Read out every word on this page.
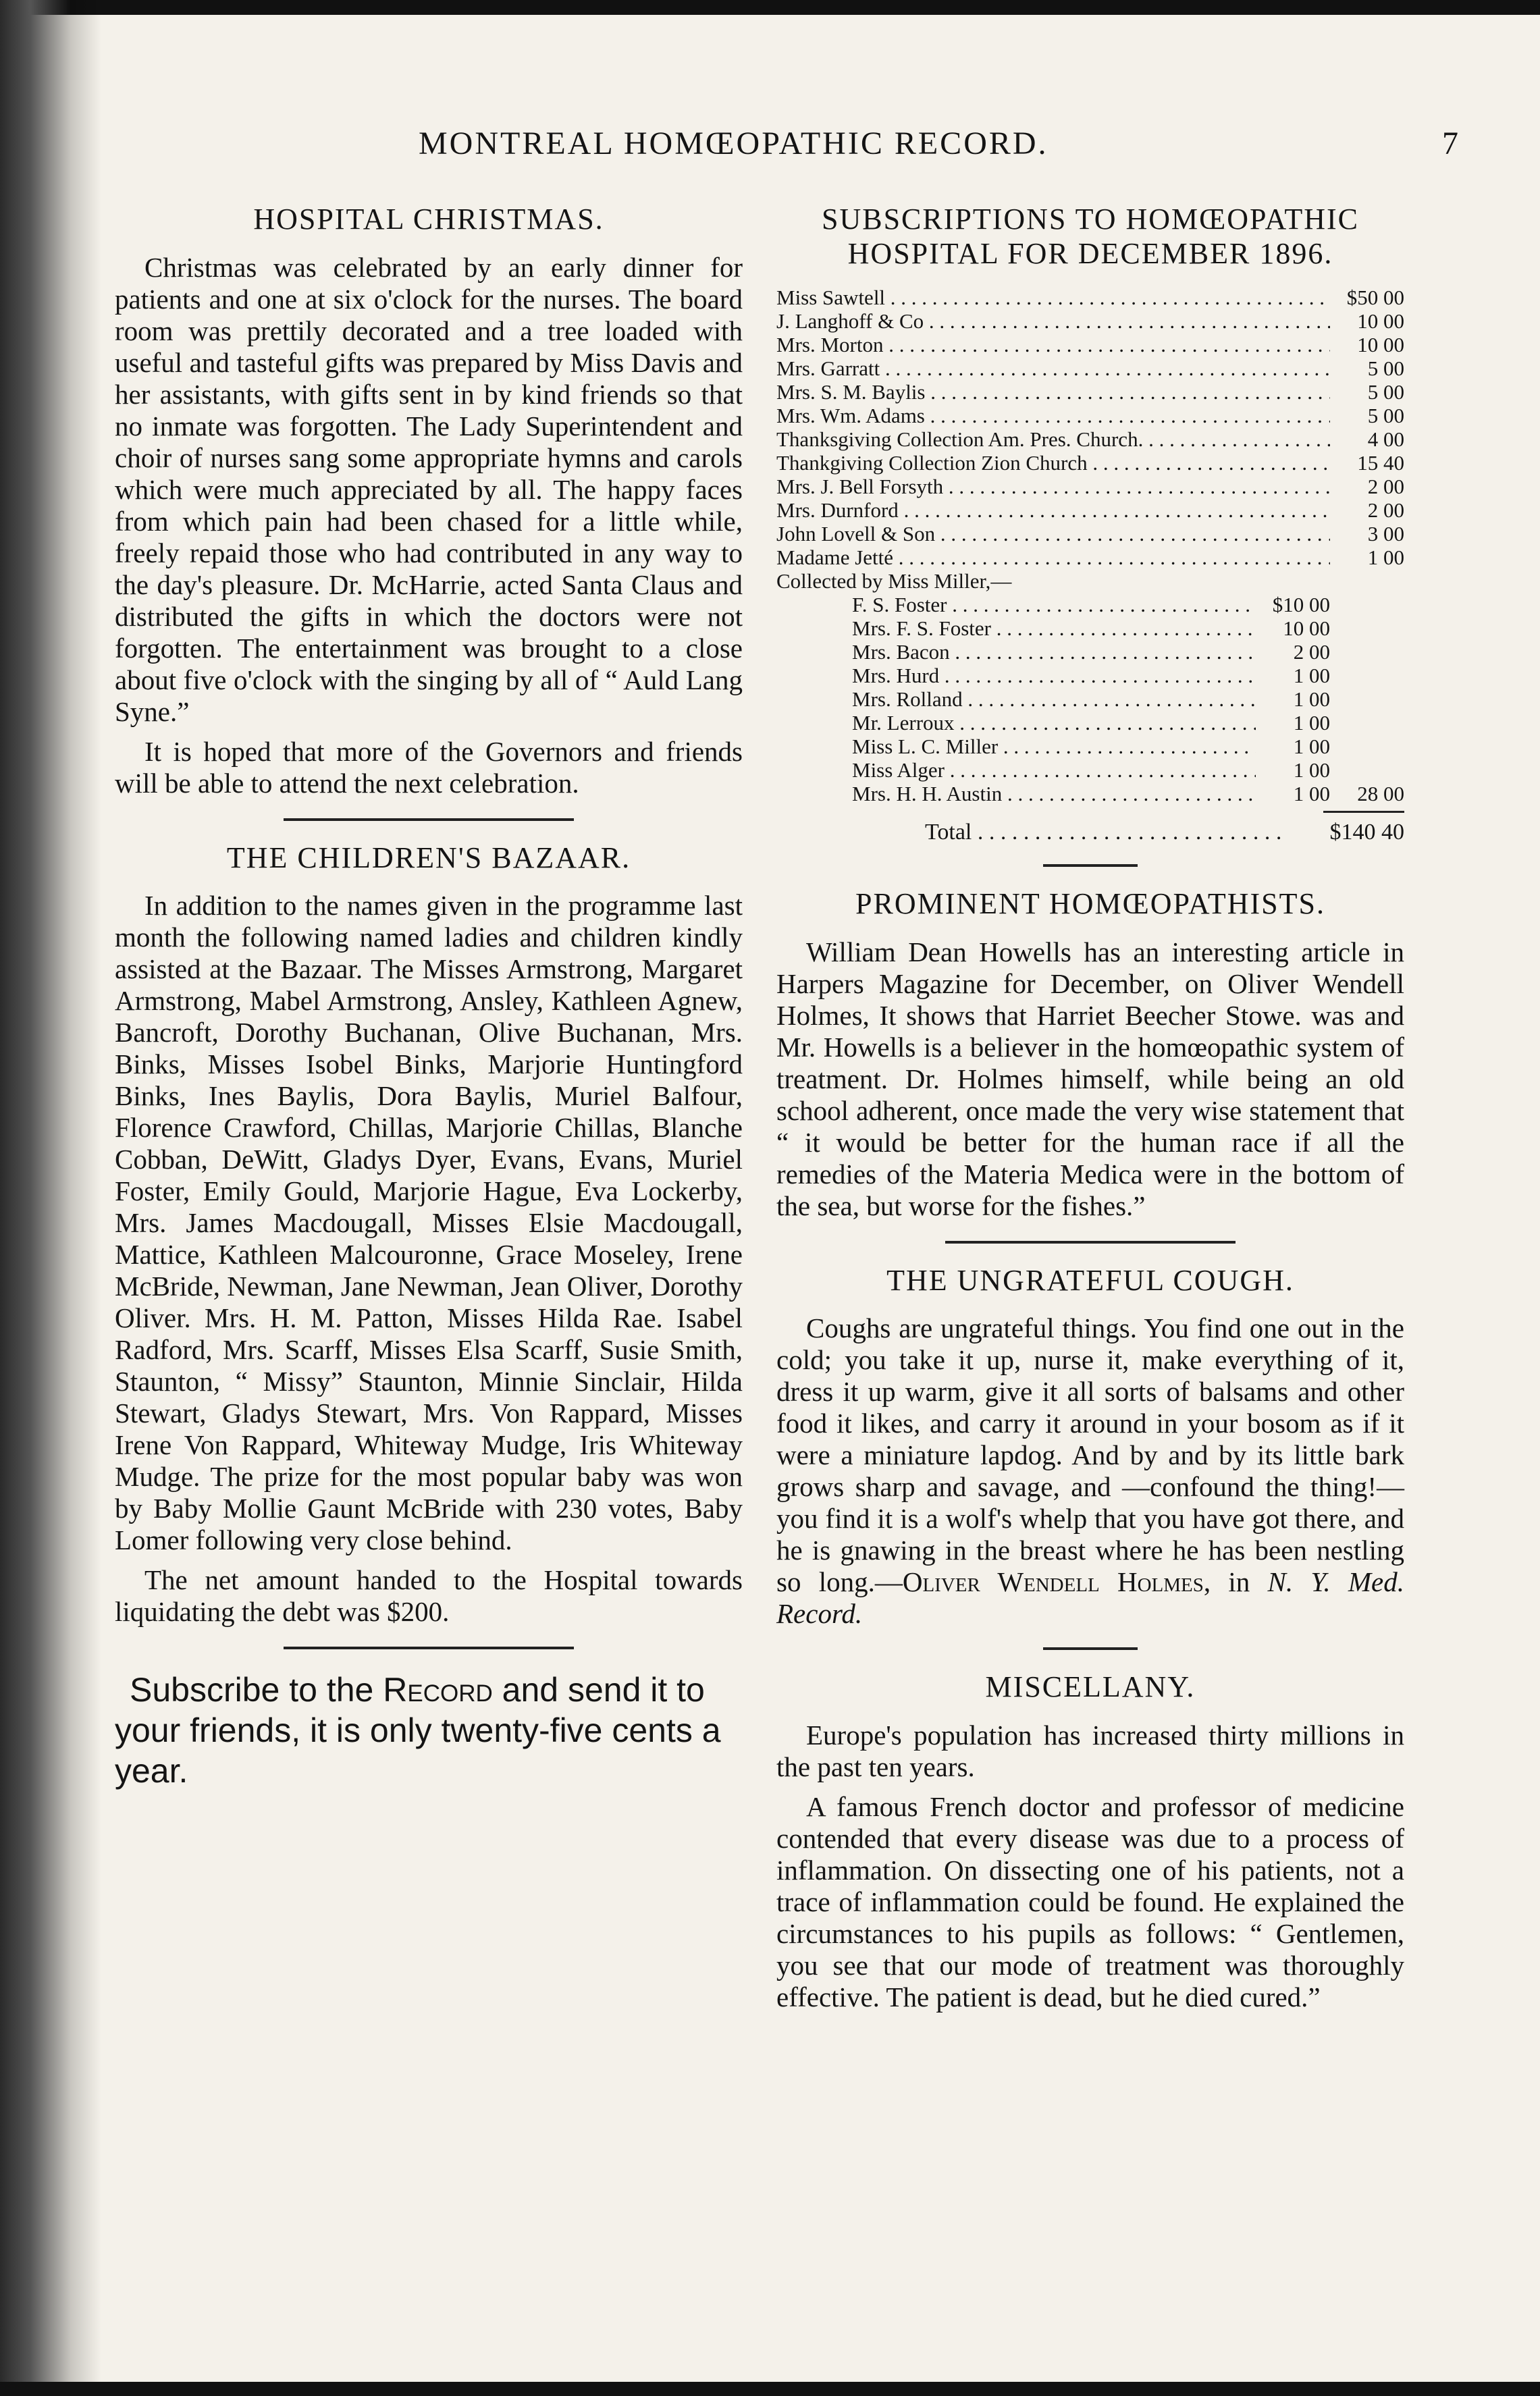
MONTREAL HOMŒOPATHIC RECORD.	7
HOSPITAL CHRISTMAS.

Christmas was celebrated by an early dinner for patients and one at six o'clock for the nurses. The board room was prettily decorated and a tree loaded with useful and tasteful gifts was prepared by Miss Davis and her assistants, with gifts sent in by kind friends so that no inmate was forgotten. The Lady Superintendent and choir of nurses sang some appropriate hymns and carols which were much appreciated by all. The happy faces from which pain had been chased for a little while, freely repaid those who had contributed in any way to the day's pleasure. Dr. McHarrie, acted Santa Claus and distributed the gifts in which the doctors were not forgotten. The entertainment was brought to a close about five o'clock with the singing by all of “ Auld Lang Syne.”

It is hoped that more of the Governors and friends will be able to attend the next celebration.

THE CHILDREN'S BAZAAR.

In addition to the names given in the programme last month the following named ladies and children kindly assisted at the Bazaar. The Misses Armstrong, Margaret Armstrong, Mabel Armstrong, Ansley, Kathleen Agnew, Bancroft, Dorothy Buchanan, Olive Buchanan, Mrs. Binks, Misses Isobel Binks, Marjorie Huntingford Binks, Ines Baylis, Dora Baylis, Muriel Balfour, Florence Crawford, Chillas, Marjorie Chillas, Blanche Cobban, DeWitt, Gladys Dyer, Evans, Evans, Muriel Foster, Emily Gould, Marjorie Hague, Eva Lockerby, Mrs. James Macdougall, Misses Elsie Macdougall, Mattice, Kathleen Malcouronne, Grace Moseley, Irene McBride, Newman, Jane Newman, Jean Oliver, Dorothy Oliver. Mrs. H. M. Patton, Misses Hilda Rae. Isabel Radford, Mrs. Scarff, Misses Elsa Scarff, Susie Smith, Staunton, “ Missy” Staunton, Minnie Sinclair, Hilda Stewart, Gladys Stewart, Mrs. Von Rappard, Misses Irene Von Rappard, Whiteway Mudge, Iris Whiteway Mudge. The prize for the most popular baby was won by Baby Mollie Gaunt McBride with 230 votes, Baby Lomer following very close behind.

The net amount handed to the Hospital towards liquidating the debt was $200.

Subscribe to the Record and send it to your friends, it is only twenty-five cents a year.

SUBSCRIPTIONS TO HOMŒOPATHIC HOSPITAL FOR DECEMBER 1896.
Miss Sawtell . . .	$50 00
J. Langhoff & Co . . .	10 00
Mrs. Morton . . .	10 00
Mrs. Garratt . . .	5 00
Mrs. S. M. Baylis . . .	5 00
Mrs. Wm. Adams . . .	5 00
Thanksgiving Collection Am. Pres. Church. . . .	4 00
Thankgiving Collection Zion Church . . .	15 40
Mrs. J. Bell Forsyth . . .	2 00
Mrs. Durnford . . .	2 00
John Lovell & Son . . .	3 00
Madame Jetté . . .	1 00
Collected by Miss Miller,—
F. S. Foster . . .	$10 00
Mrs. F. S. Foster . . .	10 00
Mrs. Bacon . . .	2 00
Mrs. Hurd . . .	1 00
Mrs. Rolland . . .	1 00
Mr. Lerroux . . .	1 00
Miss L. C. Miller . . .	1 00
Miss Alger . . .	1 00
Mrs. H. H. Austin . . .	1 00	28 00
Total . . .	$140 40
PROMINENT HOMŒOPATHISTS.

William Dean Howells has an interesting article in Harpers Magazine for December, on Oliver Wendell Holmes, It shows that Harriet Beecher Stowe. was and Mr. Howells is a believer in the homœopathic system of treatment. Dr. Holmes himself, while being an old school adherent, once made the very wise statement that “ it would be better for the human race if all the remedies of the Materia Medica were in the bottom of the sea, but worse for the fishes.”

THE UNGRATEFUL COUGH.

Coughs are ungrateful things. You find one out in the cold; you take it up, nurse it, make everything of it, dress it up warm, give it all sorts of balsams and other food it likes, and carry it around in your bosom as if it were a miniature lapdog. And by and by its little bark grows sharp and savage, and —confound the thing!—you find it is a wolf's whelp that you have got there, and he is gnawing in the breast where he has been nestling so long.—Oliver Wendell Holmes, in N. Y. Med. Record.

MISCELLANY.

Europe's population has increased thirty millions in the past ten years.

A famous French doctor and professor of medicine contended that every disease was due to a process of inflammation. On dissecting one of his patients, not a trace of inflammation could be found. He explained the circumstances to his pupils as follows: “ Gentlemen, you see that our mode of treatment was thoroughly effective. The patient is dead, but he died cured.”
